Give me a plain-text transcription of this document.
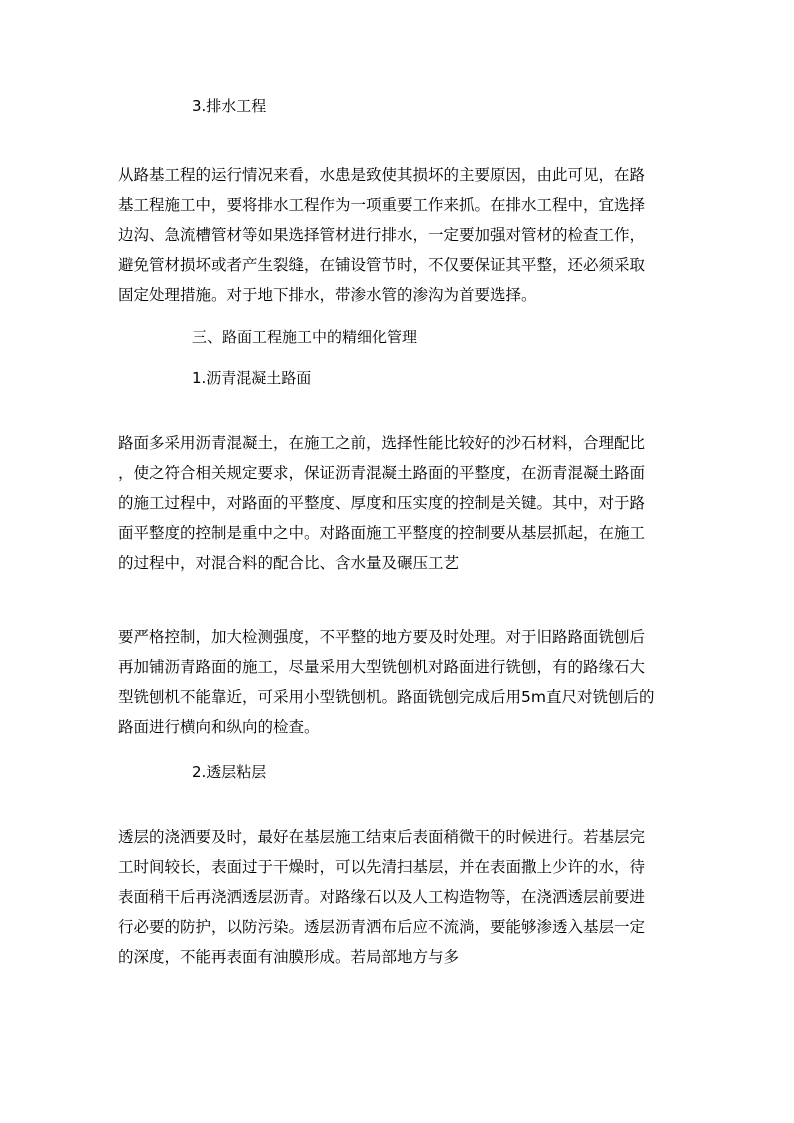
3.排水工程
从路基工程的运行情况来看，水患是致使其损坏的主要原因，由此可见，在路
基工程施工中，要将排水工程作为一项重要工作来抓。在排水工程中，宜选择
边沟、急流槽管材等如果选择管材进行排水，一定要加强对管材的检查工作，
避免管材损坏或者产生裂缝，在铺设管节时，不仅要保证其平整，还必须采取
固定处理措施。对于地下排水，带渗水管的渗沟为首要选择。
三、路面工程施工中的精细化管理
1.沥青混凝土路面
路面多采用沥青混凝土，在施工之前，选择性能比较好的沙石材料，合理配比
，使之符合相关规定要求，保证沥青混凝土路面的平整度，在沥青混凝土路面
的施工过程中，对路面的平整度、厚度和压实度的控制是关键。其中，对于路
面平整度的控制是重中之中。对路面施工平整度的控制要从基层抓起，在施工
的过程中，对混合料的配合比、含水量及碾压工艺
要严格控制，加大检测强度，不平整的地方要及时处理。对于旧路路面铣刨后
再加铺沥青路面的施工，尽量采用大型铣刨机对路面进行铣刨，有的路缘石大
型铣刨机不能靠近，可采用小型铣刨机。路面铣刨完成后用5m直尺对铣刨后的
路面进行横向和纵向的检查。
2.透层粘层
透层的浇洒要及时，最好在基层施工结束后表面稍微干的时候进行。若基层完
工时间较长，表面过于干燥时，可以先清扫基层，并在表面撒上少许的水，待
表面稍干后再浇洒透层沥青。对路缘石以及人工构造物等，在浇洒透层前要进
行必要的防护，以防污染。透层沥青洒布后应不流淌，要能够渗透入基层一定
的深度，不能再表面有油膜形成。若局部地方与多
